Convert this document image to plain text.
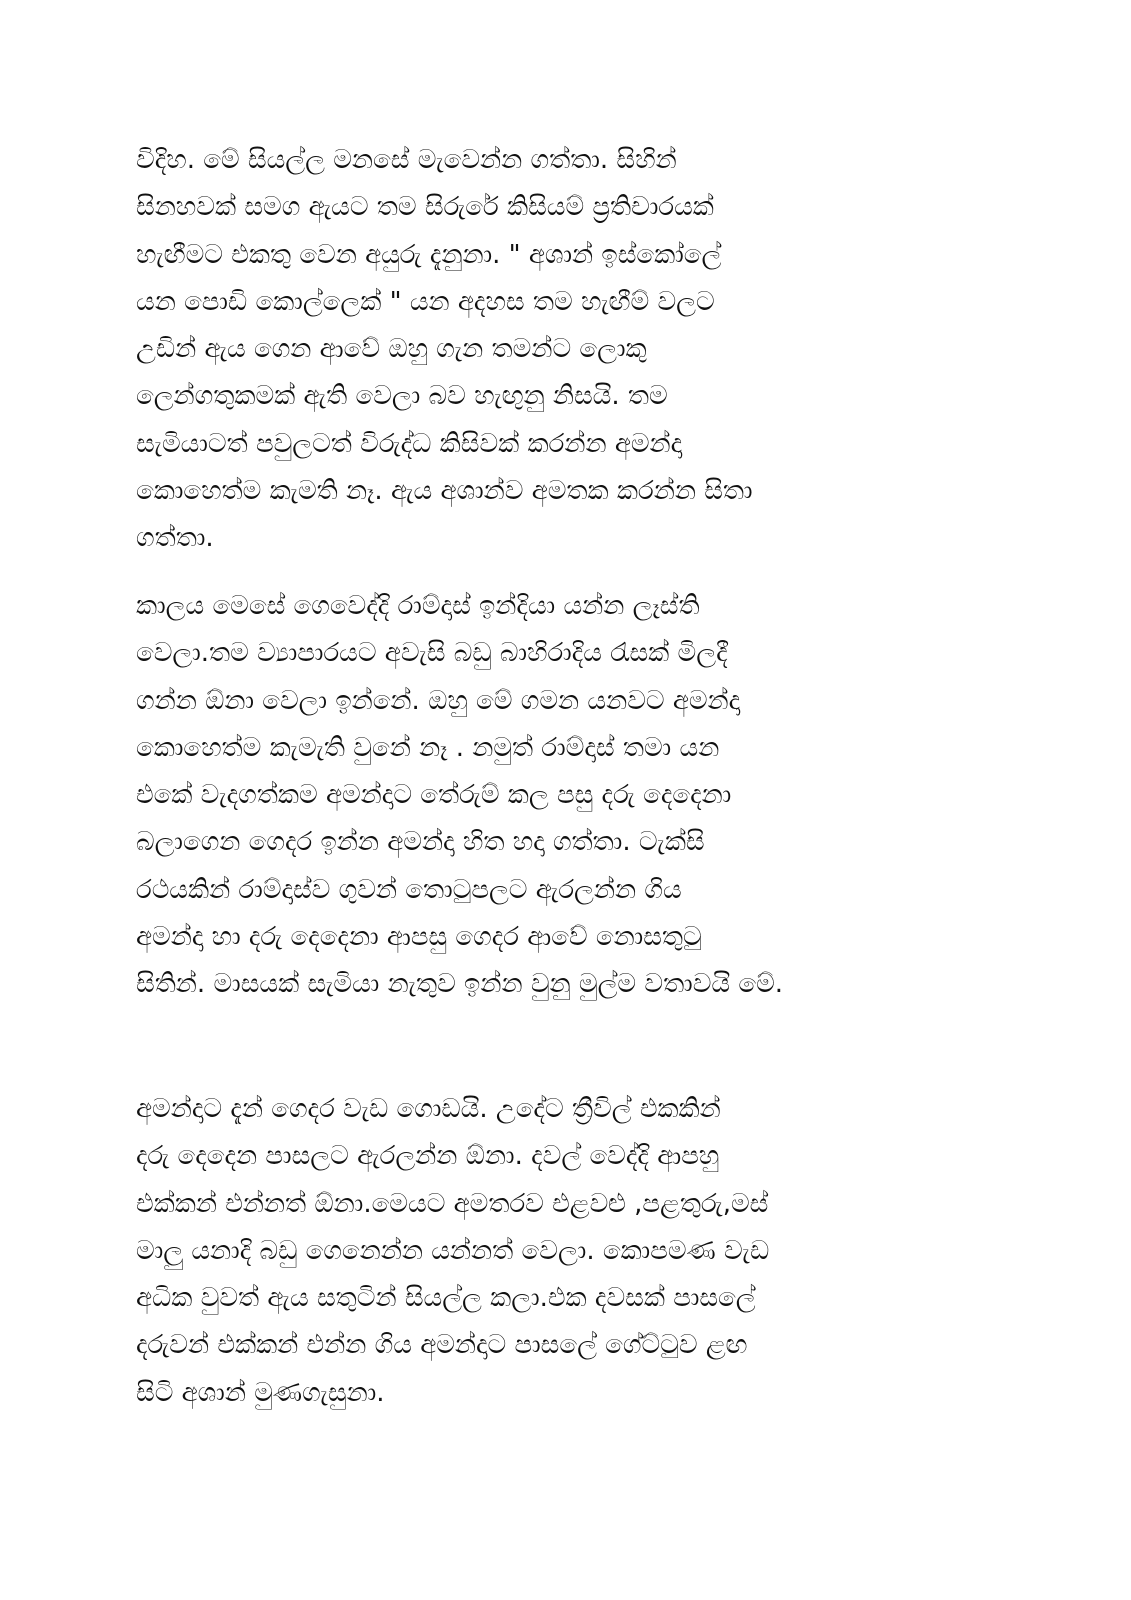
විදිහ. මේ සියල්ල මනසේ මැවෙන්න ගත්තා. සිහින්
සිනහවක් සමග ඇයට තම සිරුරේ කිසියම් ප්‍රතිචාරයක්
හැඟීමට එකතු වෙන අයුරු දැනුනා. " අශාන් ඉස්කෝලේ
යන පොඩි කොල්ලෙක් " යන අදහස තම හැඟීම් වලට
උඩින් ඇය ගෙන ආවේ ඔහු ගැන තමන්ට ලොකු
ලෙන්ගතුකමක් ඇති වෙලා බව හැඟුනු නිසයි. තම
සැමියාටත් පවුලටත් විරුද්ධ කිසිවක් කරන්න අමන්දා
කොහෙත්ම කැමති නෑ. ඇය අශාන්ව අමතක කරන්න සිතා
ගත්තා.
කාලය මෙසේ ගෙවෙද්දි රාම්දාස් ඉන්දියා යන්න ලෑස්ති
වෙලා.තම ව්‍යාපාරයට අවැසි බඩු බාහිරාදිය රැසක් මිලදී
ගන්න ඕනා වෙලා ඉන්නේ. ඔහු මේ ගමන යනවට අමන්දා
කොහෙත්ම කැමැති වුනේ නෑ . නමුත් රාම්දාස් තමා යන
එකේ වැදගත්කම අමන්දාට තේරුම් කල පසු දරු දෙදෙනා
බලාගෙන ගෙදර ඉන්න අමන්දා හිත හදා ගත්තා. ටැක්සි
රථයකින් රාම්දාස්ව ගුවන් තොටුපලට ඇරලන්න ගිය
අමන්දා හා දරු දෙදෙනා ආපසු ගෙදර ආවේ නොසතුටු
සිතින්. මාසයක් සැමියා නැතුව ඉන්න වුනු මුල්ම වතාවයි මේ.
අමන්දාට දැන් ගෙදර වැඩ ගොඩයි. උදේට ත්‍රීවිල් එකකින්
දරු දෙදෙන පාසලට ඇරලන්න ඕනා. දවල් වෙද්දි ආපහු
එක්කන් එන්නත් ඕනා.මෙයට අමතරව එළවළු ,පළතුරු,මස්
මාලු යනාදි බඩු ගෙනෙන්න යන්නත් වෙලා. කොපමණ වැඩ
අධික වුවත් ඇය සතුටින් සියල්ල කලා.එක දවසක් පාසලේ
දරුවන් එක්කන් එන්න ගිය අමන්දාට පාසලේ ගේට්ටුව ළඟ
සිටි අශාන් මුණගැසුනා.
